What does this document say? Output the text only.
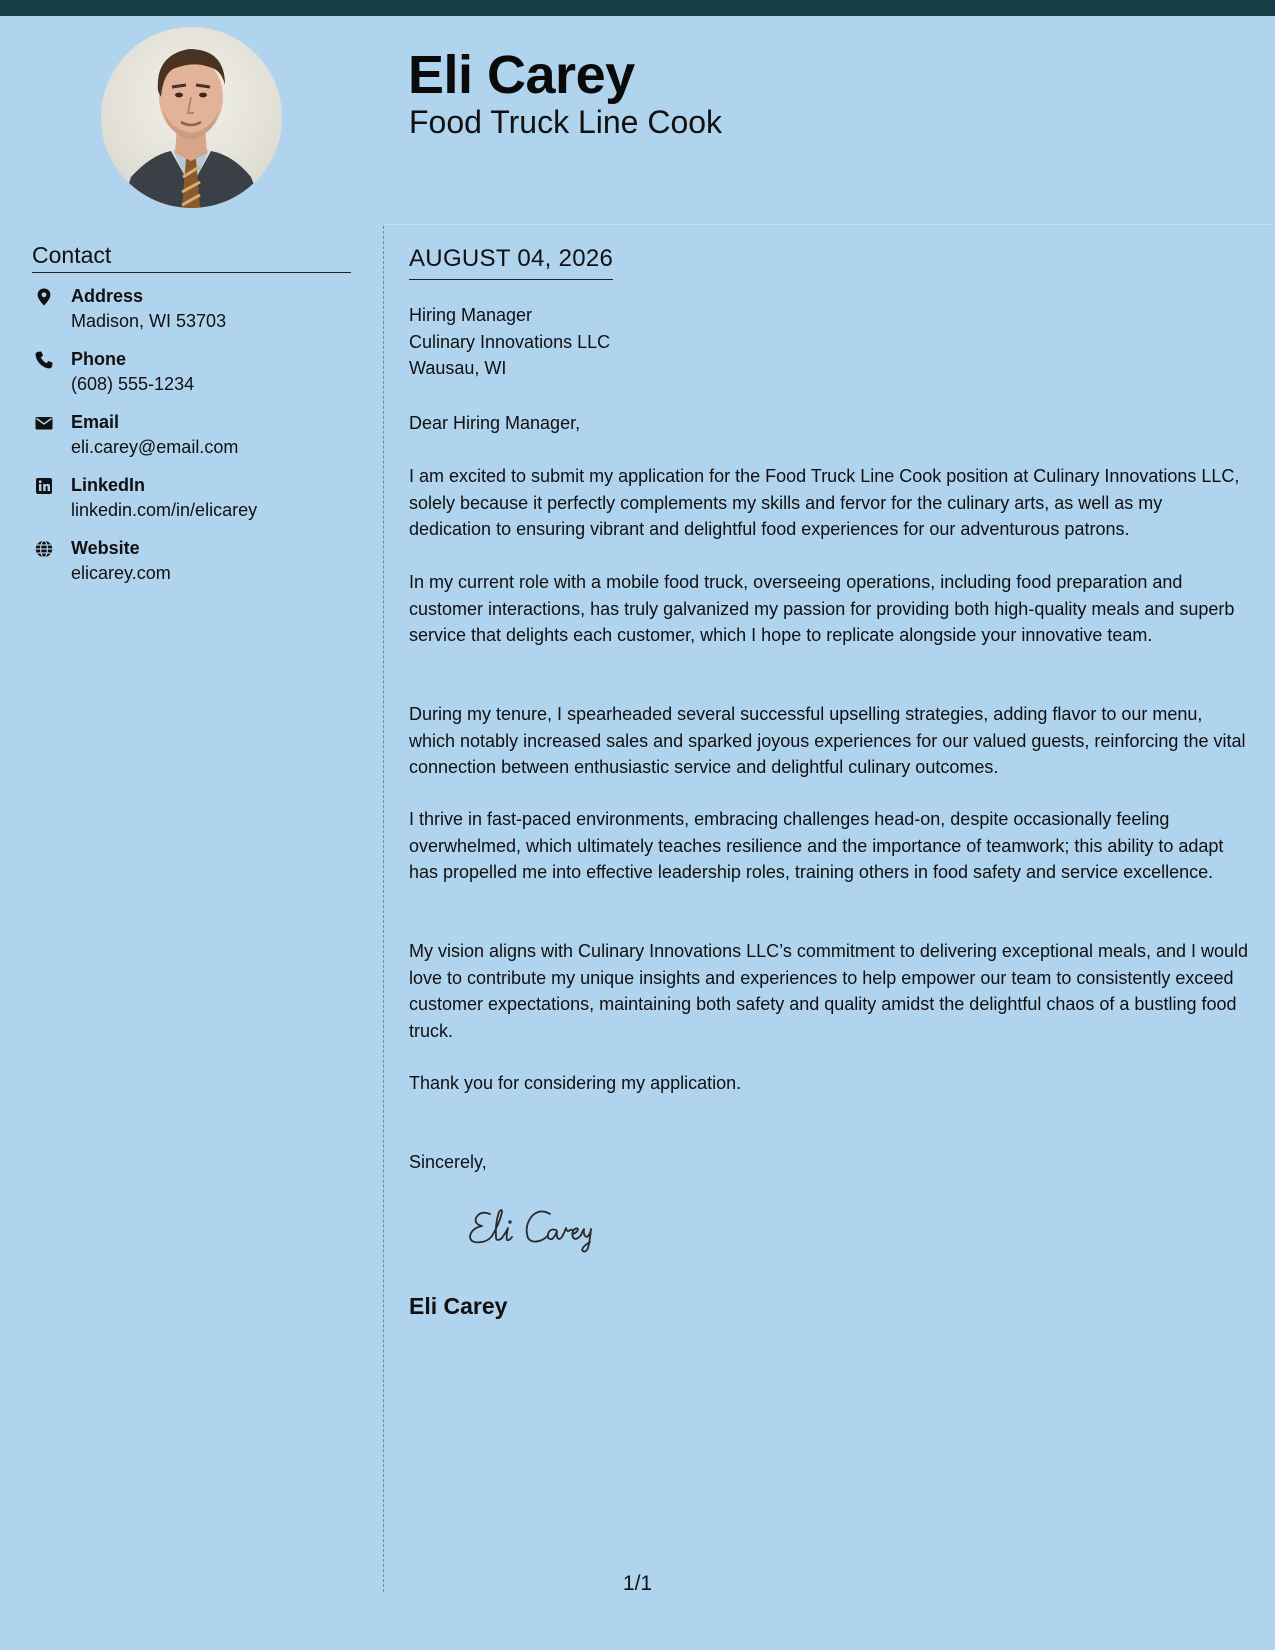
Eli Carey
Food Truck Line Cook
Contact
Address
Madison, WI 53703
Phone
(608) 555-1234
Email
eli.carey@email.com
LinkedIn
linkedin.com/in/elicarey
Website
elicarey.com
AUGUST 04, 2026
Hiring Manager
Culinary Innovations LLC
Wausau, WI
Dear Hiring Manager,

I am excited to submit my application for the Food Truck Line Cook position at Culinary Innovations LLC, solely because it perfectly complements my skills and fervor for the culinary arts, as well as my dedication to ensuring vibrant and delightful food experiences for our adventurous patrons.

In my current role with a mobile food truck, overseeing operations, including food preparation and customer interactions, has truly galvanized my passion for providing both high-quality meals and superb service that delights each customer, which I hope to replicate alongside your innovative team.

During my tenure, I spearheaded several successful upselling strategies, adding flavor to our menu, which notably increased sales and sparked joyous experiences for our valued guests, reinforcing the vital connection between enthusiastic service and delightful culinary outcomes.

I thrive in fast-paced environments, embracing challenges head-on, despite occasionally feeling overwhelmed, which ultimately teaches resilience and the importance of teamwork; this ability to adapt has propelled me into effective leadership roles, training others in food safety and service excellence.

My vision aligns with Culinary Innovations LLC’s commitment to delivering exceptional meals, and I would love to contribute my unique insights and experiences to help empower our team to consistently exceed customer expectations, maintaining both safety and quality amidst the delightful chaos of a bustling food truck.

Thank you for considering my application.
Sincerely,
Eli Carey
1/1
